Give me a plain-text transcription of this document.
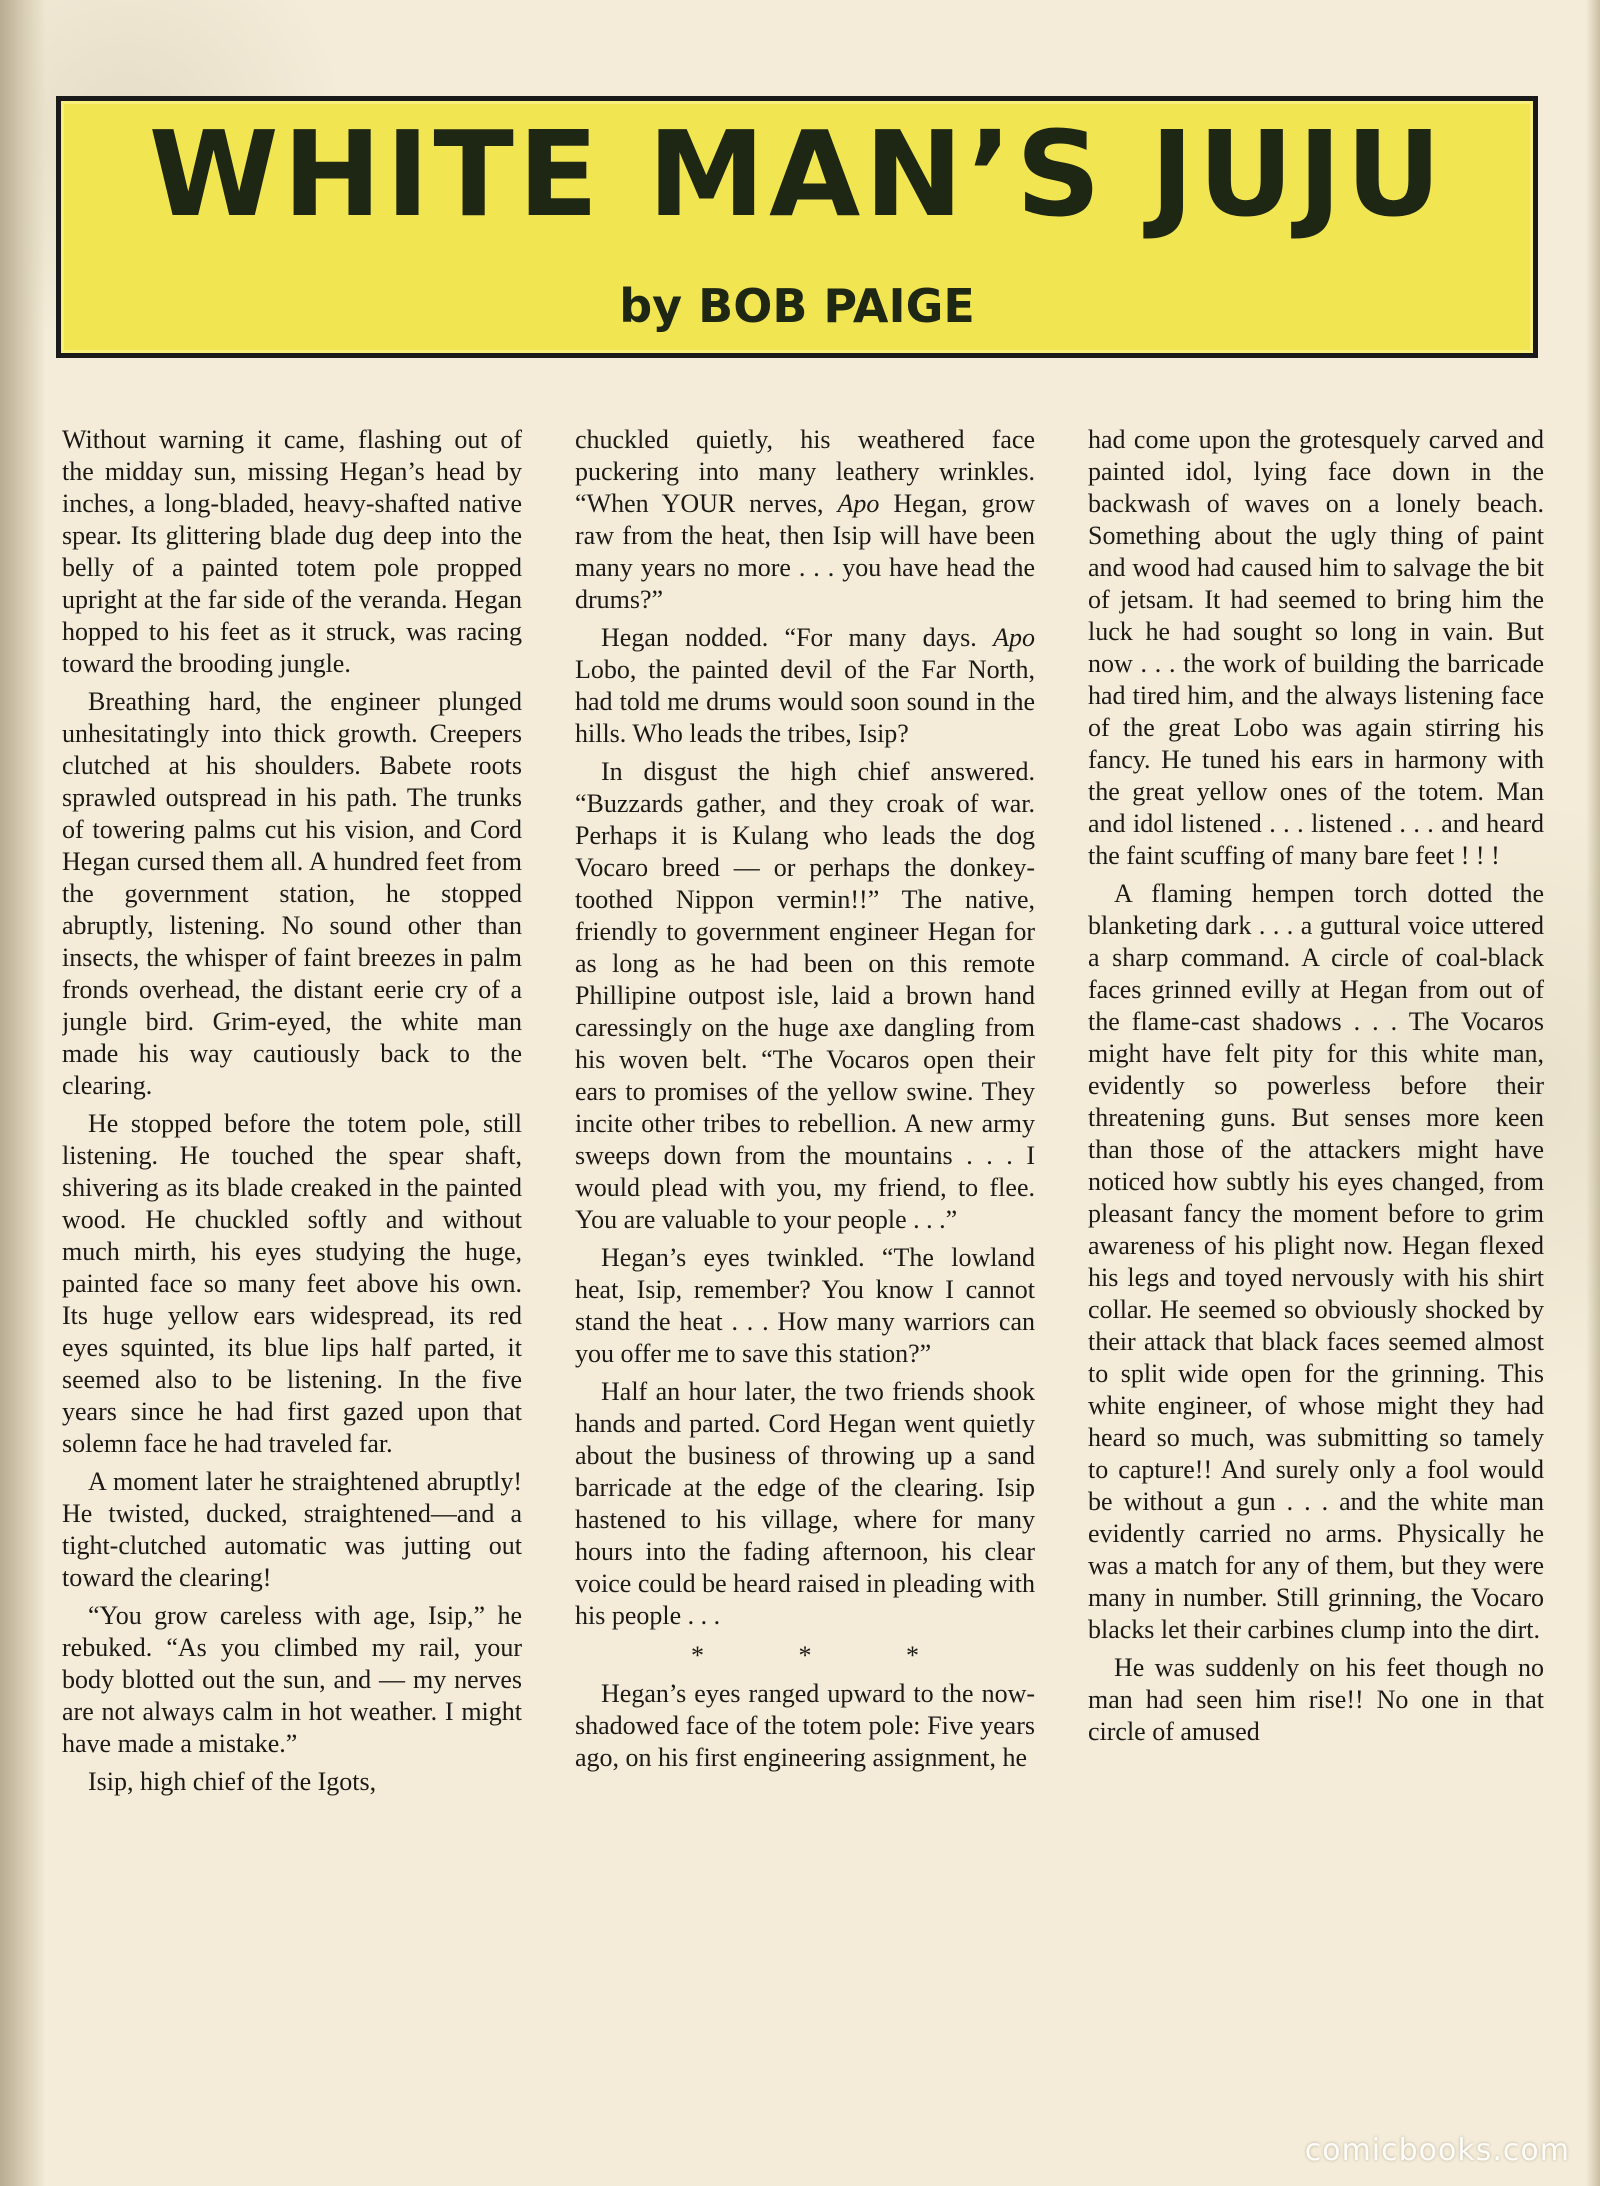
WHITE MAN’S JUJU
by BOB PAIGE

Without warning it came, flashing out of the midday sun, missing Hegan’s head by inches, a long-bladed, heavy-shafted native spear. Its glittering blade dug deep into the belly of a painted totem pole propped upright at the far side of the veranda. Hegan hopped to his feet as it struck, was racing toward the brooding jungle.

Breathing hard, the engineer plunged unhesitatingly into thick growth. Creepers clutched at his shoulders. Babete roots sprawled outspread in his path. The trunks of towering palms cut his vision, and Cord Hegan cursed them all. A hundred feet from the government station, he stopped abruptly, listening. No sound other than insects, the whisper of faint breezes in palm fronds overhead, the distant eerie cry of a jungle bird. Grim-eyed, the white man made his way cautiously back to the clearing.

He stopped before the totem pole, still listening. He touched the spear shaft, shivering as its blade creaked in the painted wood. He chuckled softly and without much mirth, his eyes studying the huge, painted face so many feet above his own. Its huge yellow ears widespread, its red eyes squinted, its blue lips half parted, it seemed also to be listening. In the five years since he had first gazed upon that solemn face he had traveled far.

A moment later he straightened abruptly! He twisted, ducked, straightened—and a tight-clutched automatic was jutting out toward the clearing!

“You grow careless with age, Isip,” he rebuked. “As you climbed my rail, your body blotted out the sun, and — my nerves are not always calm in hot weather. I might have made a mistake.”

Isip, high chief of the Igots,

chuckled quietly, his weathered face puckering into many leathery wrinkles. “When YOUR nerves, Apo Hegan, grow raw from the heat, then Isip will have been many years no more . . . you have head the drums?”

Hegan nodded. “For many days. Apo Lobo, the painted devil of the Far North, had told me drums would soon sound in the hills. Who leads the tribes, Isip?

In disgust the high chief answered. “Buzzards gather, and they croak of war. Perhaps it is Kulang who leads the dog Vocaro breed — or perhaps the donkey-toothed Nippon vermin!!” The native, friendly to government engineer Hegan for as long as he had been on this remote Phillipine outpost isle, laid a brown hand caressingly on the huge axe dangling from his woven belt. “The Vocaros open their ears to promises of the yellow swine. They incite other tribes to rebellion. A new army sweeps down from the mountains . . . I would plead with you, my friend, to flee. You are valuable to your people . . .”

Hegan’s eyes twinkled. “The lowland heat, Isip, remember? You know I cannot stand the heat . . . How many warriors can you offer me to save this station?”

Half an hour later, the two friends shook hands and parted. Cord Hegan went quietly about the business of throwing up a sand barricade at the edge of the clearing. Isip hastened to his village, where for many hours into the fading afternoon, his clear voice could be heard raised in pleading with his people . . .

* * *

Hegan’s eyes ranged upward to the now-shadowed face of the totem pole: Five years ago, on his first engineering assignment, he

had come upon the grotesquely carved and painted idol, lying face down in the backwash of waves on a lonely beach. Something about the ugly thing of paint and wood had caused him to salvage the bit of jetsam. It had seemed to bring him the luck he had sought so long in vain. But now . . . the work of building the barricade had tired him, and the always listening face of the great Lobo was again stirring his fancy. He tuned his ears in harmony with the great yellow ones of the totem. Man and idol listened . . . listened . . . and heard the faint scuffing of many bare feet ! ! !

A flaming hempen torch dotted the blanketing dark . . . a guttural voice uttered a sharp command. A circle of coal-black faces grinned evilly at Hegan from out of the flame-cast shadows . . . The Vocaros might have felt pity for this white man, evidently so powerless before their threatening guns. But senses more keen than those of the attackers might have noticed how subtly his eyes changed, from pleasant fancy the moment before to grim awareness of his plight now. Hegan flexed his legs and toyed nervously with his shirt collar. He seemed so obviously shocked by their attack that black faces seemed almost to split wide open for the grinning. This white engineer, of whose might they had heard so much, was submitting so tamely to capture!! And surely only a fool would be without a gun . . . and the white man evidently carried no arms. Physically he was a match for any of them, but they were many in number. Still grinning, the Vocaro blacks let their carbines clump into the dirt.

He was suddenly on his feet though no man had seen him rise!! No one in that circle of amused

comicbooks.com
